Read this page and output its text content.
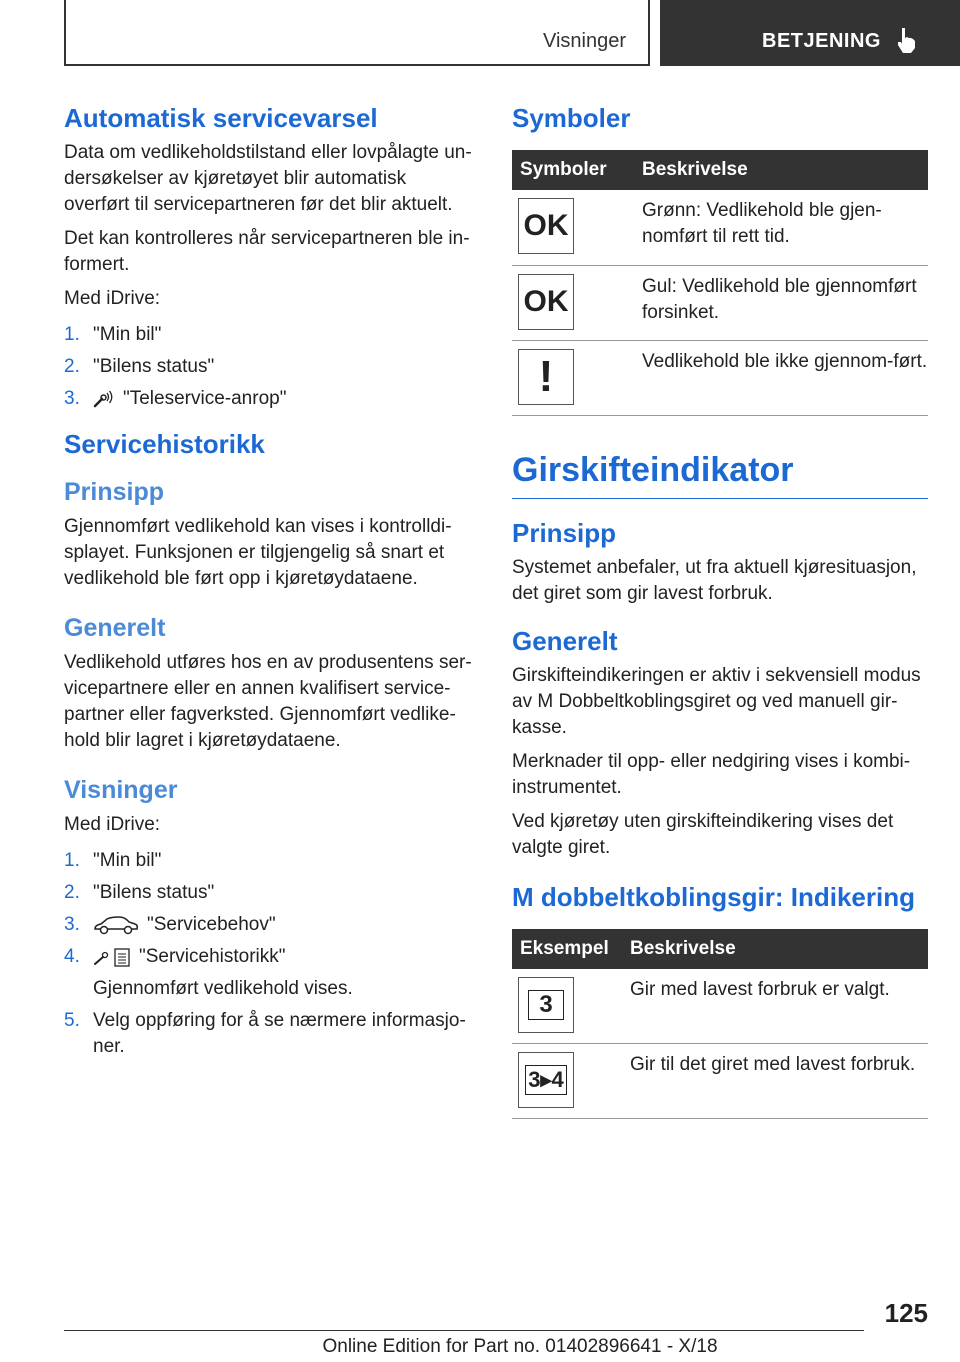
Visninger	BETJENING
Automatisk servicevarsel

Data om vedlikeholdstilstand eller lovpålagte un-dersøkelser av kjøretøyet blir automatisk overført til servicepartneren før det blir aktuelt.

Det kan kontrolleres når servicepartneren ble in-formert.

Med iDrive:

1. "Min bil"
2. "Bilens status"
3. "Teleservice-anrop"
Servicehistorikk
Prinsipp

Gjennomført vedlikehold kan vises i kontrolldi-splayet. Funksjonen er tilgjengelig så snart et vedlikehold ble ført opp i kjøretøydataene.

Generelt

Vedlikehold utføres hos en av produsentens ser-vicepartnere eller en annen kvalifisert service-partner eller fagverksted. Gjennomført vedlike-hold blir lagret i kjøretøydataene.

Visninger

Med iDrive:

1. "Min bil"
2. "Bilens status"
3.	"Servicebehov"
4.	"Servicehistorikk"
Gjennomført vedlikehold vises.
5. Velg oppføring for å se nærmere informasjo-ner.
Symboler
Symboler	Beskrivelse

OK	Grønn: Vedlikehold ble gjen-nomført til rett tid.

OK	Gul: Vedlikehold ble gjennomført forsinket.

!	Vedlikehold ble ikke gjennom-ført.
Girskifteindikator
Prinsipp

Systemet anbefaler, ut fra aktuell kjøresituasjon, det giret som gir lavest forbruk.

Generelt

Girskifteindikeringen er aktiv i sekvensiell modus av M Dobbeltkoblingsgiret og ved manuell gir-kasse.

Merknader til opp- eller nedgiring vises i kombi-instrumentet.

Ved kjøretøy uten girskifteindikering vises det valgte giret.

M dobbeltkoblingsgir: Indikering
Eksempel	Beskrivelse

3	Gir med lavest forbruk er valgt.

3▸4	Gir til det giret med lavest forbruk.
125
Online Edition for Part no. 01402896641 - X/18
